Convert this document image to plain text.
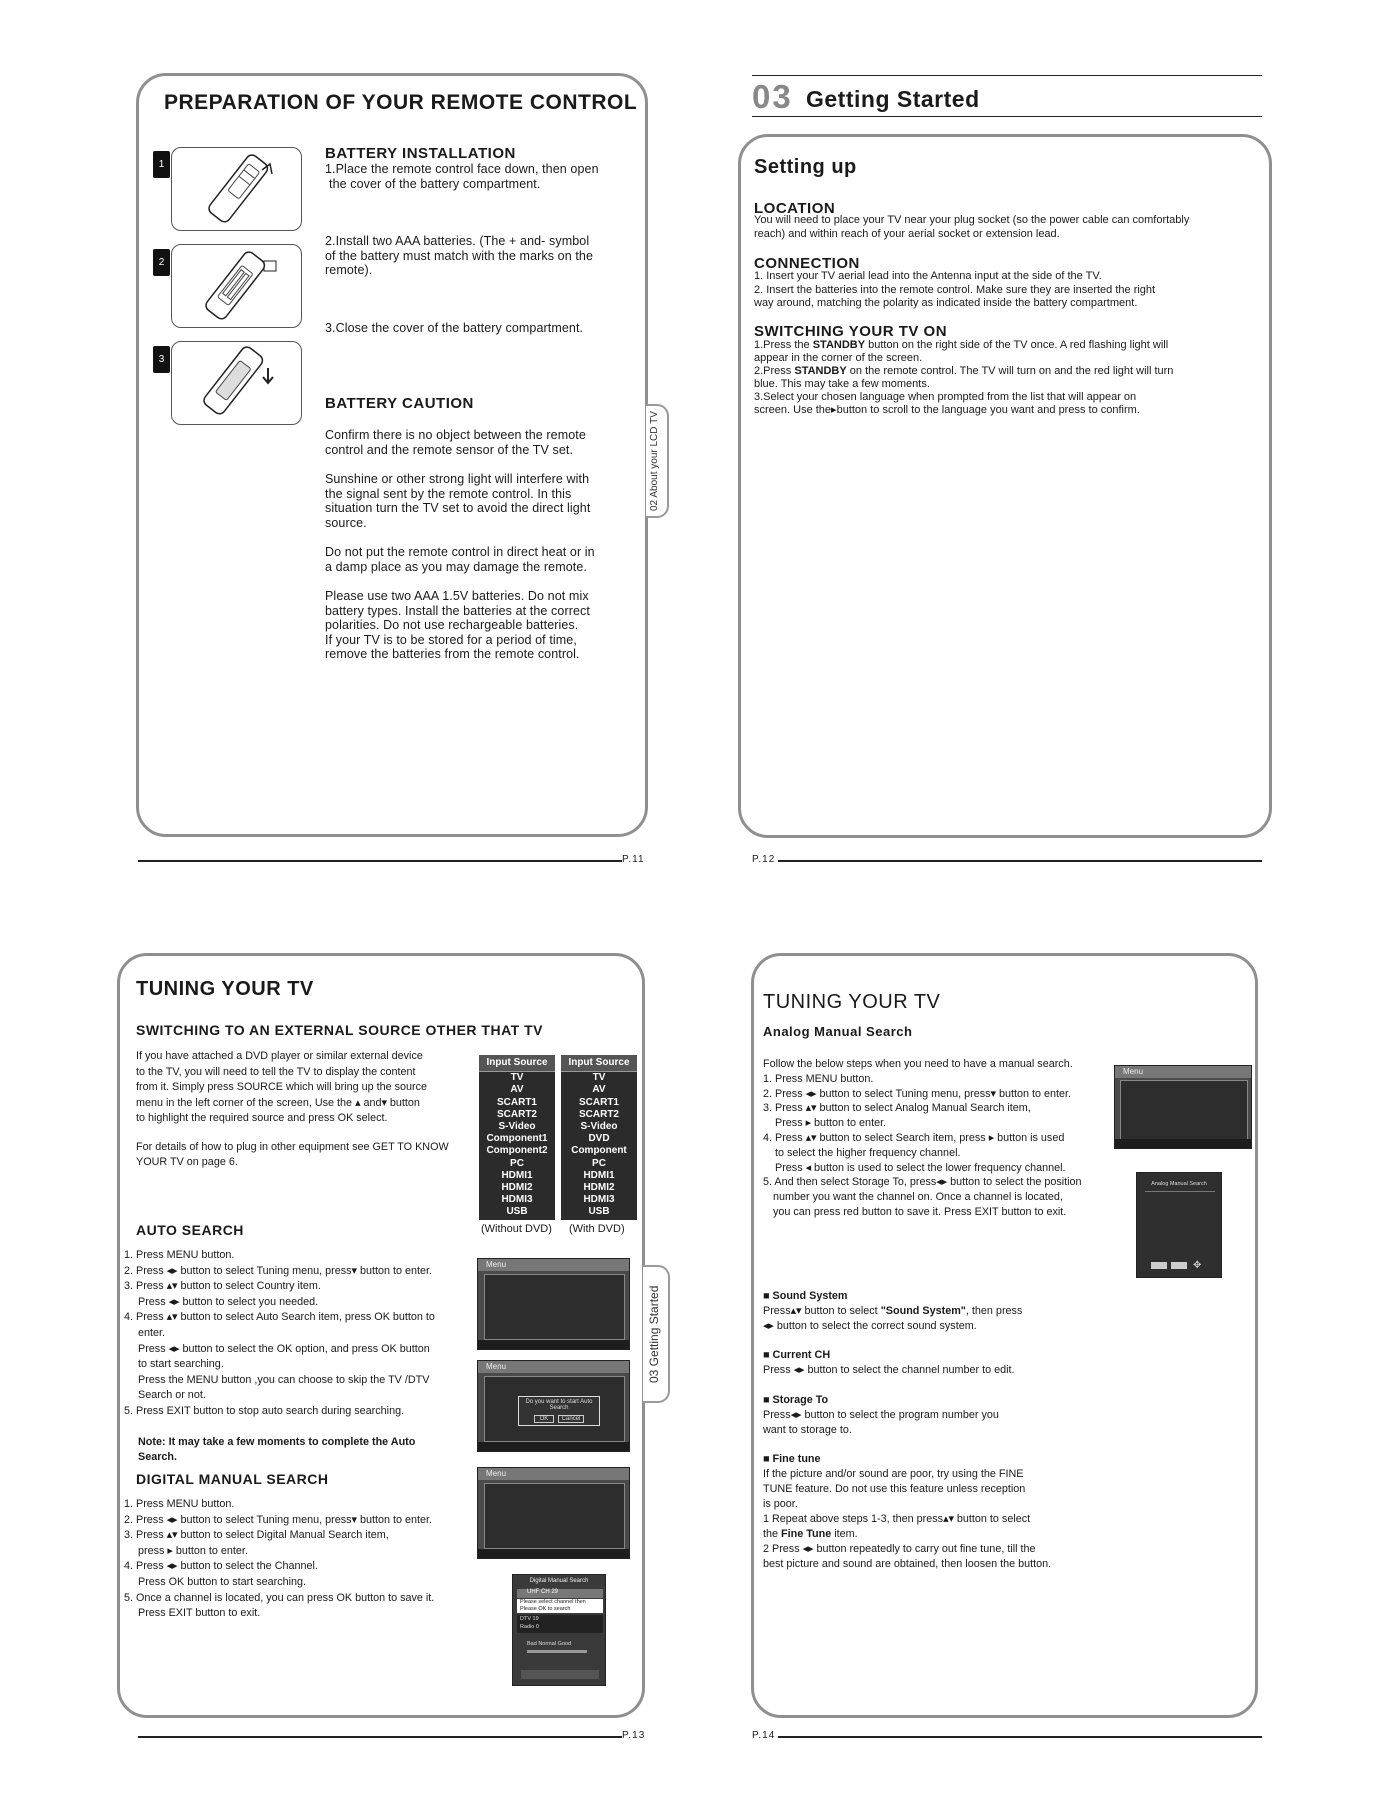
PREPARATION OF YOUR REMOTE CONTROL
1
2
3
BATTERY INSTALLATION
1.Place the remote control face down, then open
the cover of the battery compartment.
2.Install two AAA batteries. (The + and- symbol
of the battery must match with the marks on the
remote).
3.Close the cover of the battery compartment.
BATTERY CAUTION
Confirm there is no object between the remote
control and the remote sensor of the TV set.
Sunshine or other strong light will interfere with
the signal sent by the remote control. In this
situation turn the TV set to avoid the direct light
source.
Do not put the remote control in direct heat or in
a damp place as you may damage the remote.
Please use two AAA 1.5V batteries. Do not mix
battery types. Install the batteries at the correct
polarities. Do not use rechargeable batteries.
If your TV is to be stored for a period of time,
remove the batteries from the remote control.
02 About your LCD TV
P.11
03 Getting Started
Setting up
LOCATION
You will need to place your TV near your plug socket (so the power cable can comfortably
reach) and within reach of your aerial socket or extension lead.
CONNECTION
1. Insert your TV aerial lead into the Antenna input at the side of the TV.
2. Insert the batteries into the remote control. Make sure they are inserted the right
way around, matching the polarity as indicated inside the battery compartment.
SWITCHING YOUR TV ON
1.Press the STANDBY button on the right side of the TV once. A red flashing light will
appear in the corner of the screen.
2.Press STANDBY on the remote control. The TV will turn on and the red light will turn
blue. This may take a few moments.
3.Select your chosen language when prompted from the list that will appear on
screen. Use the▸button to scroll to the language you want and press to confirm.
P.12
TUNING YOUR TV
SWITCHING TO AN EXTERNAL SOURCE OTHER THAT TV
If you have attached a DVD player or similar external device
to the TV, you will need to tell the TV to display the content
from it. Simply press SOURCE which will bring up the source
menu in the left corner of the screen, Use the ▴ and▾ button
to highlight the required source and press OK select.
For details of how to plug in other equipment see GET TO KNOW
YOUR TV on page 6.
Input Source
TV
AV
SCART1
SCART2
S-Video
Component1
Component2
PC
HDMI1
HDMI2
HDMI3
USB
Input Source
TV
AV
SCART1
SCART2
S-Video
DVD
Component
PC
HDMI1
HDMI2
HDMI3
USB
(Without DVD) (With DVD)
AUTO SEARCH
1. Press MENU button.
2. Press ◂▸ button to select Tuning menu, press▾ button to enter.
3. Press ▴▾ button to select Country item.
Press ◂▸ button to select you needed.
4. Press ▴▾ button to select Auto Search item, press OK button to
enter.
Press ◂▸ button to select the OK option, and press OK button
to start searching.
Press the MENU button ,you can choose to skip the TV /DTV
Search or not.
5. Press EXIT button to stop auto search during searching.
Note: It may take a few moments to complete the Auto
Search.
Menu
Menu
Do you want to start Auto Search
OK Cancel
Menu
Digital Manual Search
UHF CH 29
Please select channel then
Please OK to search
DTV 19
Radio 0
Bad Normal Good
DIGITAL MANUAL SEARCH
1. Press MENU button.
2. Press ◂▸ button to select Tuning menu, press▾ button to enter.
3. Press ▴▾ button to select Digital Manual Search item,
press ▸ button to enter.
4. Press ◂▸ button to select the Channel.
Press OK button to start searching.
5. Once a channel is located, you can press OK button to save it.
Press EXIT button to exit.
03 Getting Started
P.13
TUNING YOUR TV
Analog Manual Search
Follow the below steps when you need to have a manual search.
1. Press MENU button.
2. Press ◂▸ button to select Tuning menu, press▾ button to enter.
3. Press ▴▾ button to select Analog Manual Search item,
Press ▸ button to enter.
4. Press ▴▾ button to select Search item, press ▸ button is used
to select the higher frequency channel.
Press ◂ button is used to select the lower frequency channel.
5. And then select Storage To, press◂▸ button to select the position
number you want the channel on. Once a channel is located,
you can press red button to save it. Press EXIT button to exit.
Menu
Analog Manual Search
✥
■ Sound System
Press▴▾ button to select "Sound System", then press
◂▸ button to select the correct sound system.
■ Current CH
Press ◂▸ button to select the channel number to edit.
■ Storage To
Press◂▸ button to select the program number you
want to storage to.
■ Fine tune
If the picture and/or sound are poor, try using the FINE
TUNE feature. Do not use this feature unless reception
is poor.
1 Repeat above steps 1-3, then press▴▾ button to select
the Fine Tune item.
2 Press ◂▸ button repeatedly to carry out fine tune, till the
best picture and sound are obtained, then loosen the button.
P.14
